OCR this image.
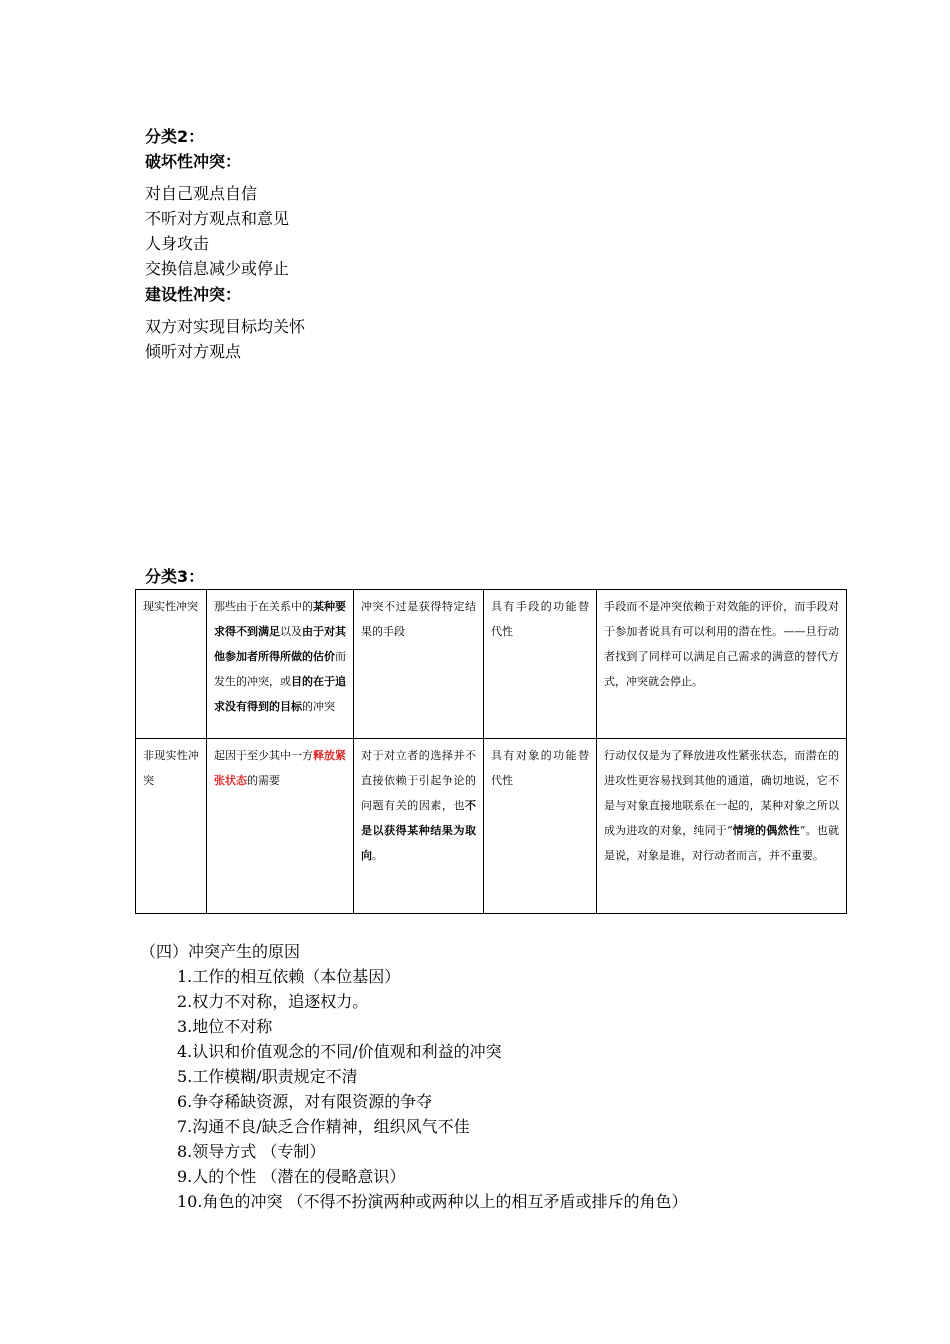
分类2：
破坏性冲突：
对自己观点自信
不听对方观点和意见
人身攻击
交换信息减少或停止
建设性冲突：
双方对实现目标均关怀
倾听对方观点
分类3：
现实性冲突	那些由于在关系中的某种要求得不到满足以及由于对其他参加者所得所做的估价而发生的冲突，或目的在于追求没有得到的目标的冲突	冲突不过是获得特定结果的手段	具有手段的功能替代性	手段而不是冲突依赖于对效能的评价，而手段对于参加者说具有可以利用的潜在性。——旦行动者找到了同样可以满足自己需求的满意的替代方式，冲突就会停止。
非现实性冲突	起因于至少其中一方释放紧张状态的需要	对于对立者的选择并不直接依赖于引起争论的问题有关的因素，也不是以获得某种结果为取向。	具有对象的功能替代性	行动仅仅是为了释放进攻性紧张状态，而潜在的进攻性更容易找到其他的通道，确切地说，它不是与对象直接地联系在一起的，某种对象之所以成为进攻的对象，纯同于“情境的偶然性”。也就是说，对象是谁，对行动者而言，并不重要。
（四）冲突产生的原因
1.工作的相互依赖（本位基因）
2.权力不对称，追逐权力。
3.地位不对称
4.认识和价值观念的不同/价值观和利益的冲突
5.工作模糊/职责规定不清
6.争夺稀缺资源，对有限资源的争夺
7.沟通不良/缺乏合作精神，组织风气不佳
8.领导方式 （专制）
9.人的个性 （潜在的侵略意识）
10.角色的冲突 （不得不扮演两种或两种以上的相互矛盾或排斥的角色）
